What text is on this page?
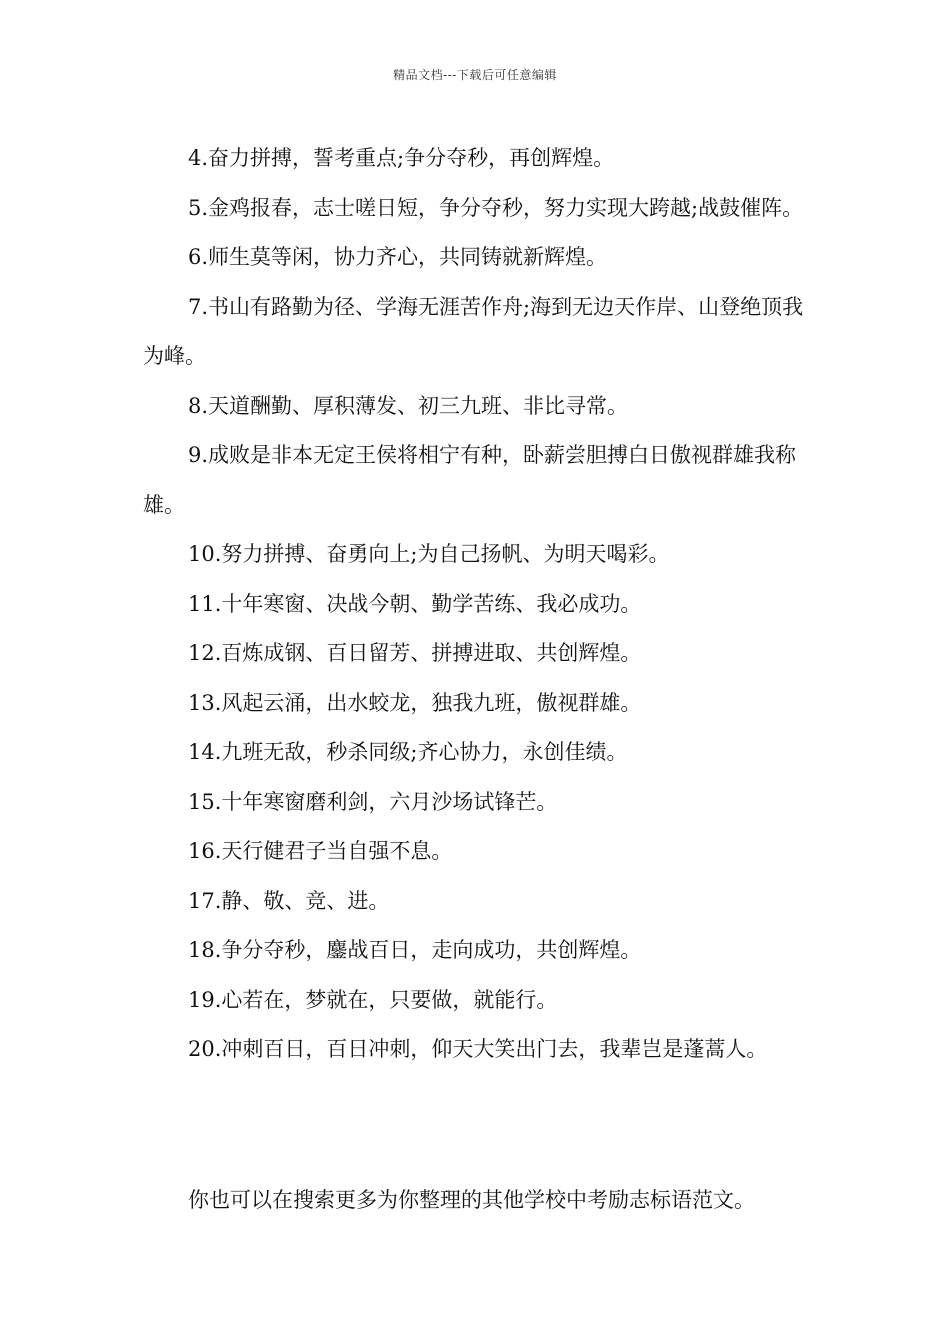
精品文档---下载后可任意编辑

4.奋力拼搏，誓考重点;争分夺秒，再创辉煌。

5.金鸡报春，志士嗟日短，争分夺秒，努力实现大跨越;战鼓催阵。

6.师生莫等闲，协力齐心，共同铸就新辉煌。

7.书山有路勤为径、学海无涯苦作舟;海到无边天作岸、山登绝顶我为峰。

8.天道酬勤、厚积薄发、初三九班、非比寻常。

9.成败是非本无定王侯将相宁有种，卧薪尝胆搏白日傲视群雄我称雄。

10.努力拼搏、奋勇向上;为自己扬帆、为明天喝彩。

11.十年寒窗、决战今朝、勤学苦练、我必成功。

12.百炼成钢、百日留芳、拼搏进取、共创辉煌。

13.风起云涌，出水蛟龙，独我九班，傲视群雄。

14.九班无敌，秒杀同级;齐心协力，永创佳绩。

15.十年寒窗磨利剑，六月沙场试锋芒。

16.天行健君子当自强不息。

17.静、敬、竞、进。

18.争分夺秒，鏖战百日，走向成功，共创辉煌。

19.心若在，梦就在，只要做，就能行。

20.冲刺百日，百日冲刺，仰天大笑出门去，我辈岂是蓬蒿人。

你也可以在搜索更多为你整理的其他学校中考励志标语范文。
